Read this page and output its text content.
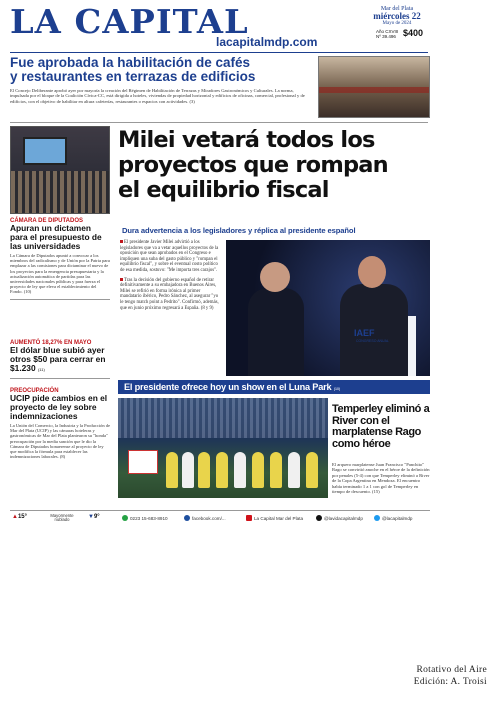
LA CAPITAL
lacapitalmdp.com
Mar del Plata
miércoles 22
Mayo de 2024
Año CXVIII
Nº 39.496 $400
Fue aprobada la habilitación de cafés
y restaurantes en terrazas de edificios

El Concejo Deliberante aprobó ayer por mayoría la creación del Régimen de Habilitación de Terrazas y Miradores Gastronómicos y Culturales. La norma, impulsada por el bloque de la Coalición Cívica-CC, está dirigida a hoteles, viviendas de propiedad horizontal y edificios de oficinas, comercial, profesional y de edificios, con el objetivo de habilitar en altura cafeterías, restaurantes o espacios con actividades. (3)

CÁMARA DE DIPUTADOS
Apuran un dictamen para el presupuesto de las universidades

La Cámara de Diputados apuntó a convocar a los miembros del radicalismo y de Unión por la Patria para emplazar a las comisiones para dictaminar el nuevo de los proyectos para la emergencia presupuestaria y la actualización automática de partidas para las universidades nacionales públicas y para fuerza el proyecto de ley que eleva el establecimiento del Fondo. (10)

AUMENTÓ 18,27% EN MAYO
El dólar blue subió ayer otros $50 para cerrar en $1.230 (11)
PREOCUPACIÓN
UCIP pide cambios en el proyecto de ley sobre indemnizaciones

La Unión del Comercio, la Industria y la Producción de Mar del Plata (UCIP) y las cámaras hoteleras y gastronómicas de Mar del Plata plantearon su "honda" preocupación por la media sanción que le dio la Cámara de Diputados bonaerense al proyecto de ley que modifica la fórmula para establecer las indemnizaciones laborales. (8)

Milei vetará todos los
proyectos que rompan
el equilibrio fiscal
Dura advertencia a los legisladores y réplica al presidente español

El presidente Javier Milei advirtió a los legisladores que va a vetar aquellos proyectos de la oposición que sean aprobados en el Congreso e impliquen una suba del gasto público y "rompan el equilibrio fiscal", y sobre el eventual costo político de esa medida, sostuvo: "Me importa tres carajos".

Tras la decisión del gobierno español de retirar definitivamente a su embajadora en Buenos Aires, Milei se refirió en forma irónica al primer mandatario ibérico, Pedro Sánchez, al asegurar "yo le tengo match point a Pedrito". Confirmó, además, que en junio próximo regresará a España. (8 y 9)

IAEF
CONGRESO ANUAL
El presidente ofrece hoy un show en el Luna Park (10)
Temperley eliminó a River con el marplatense Rago como héroe
El arquero marplatense Juan Francisco "Panchito" Rago se convirtió anoche en el héroe de la definición por penales (5-4) con que Temperley eliminó a River de la Copa Argentina en Mendoza. El encuentro había terminado 1 a 1 con gol de Temperley en tiempo de descuento. (15)
▲15°	Mayormente nublado	▼9°	0223 15-683-8910	facebook.com/...	La Capital Mar del Plata	@lavidacapitalmdp	@lacapitalmdp
Rotativo del Aire
Edición: A. Troisi
